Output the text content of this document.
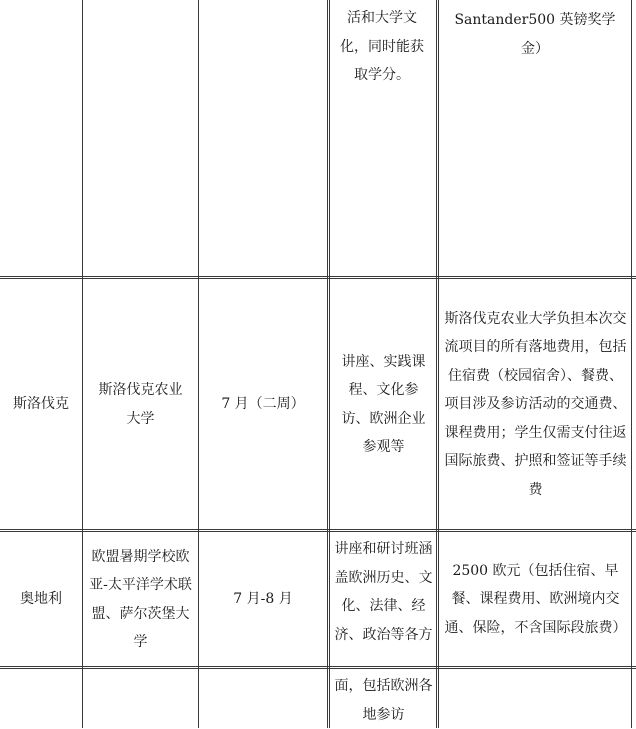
活和大学文化，同时能获取学分。
Santander500 英镑奖学金）
斯洛伐克
斯洛伐克农业大学
7 月（二周）
讲座、实践课程、文化参访、欧洲企业参观等
斯洛伐克农业大学负担本次交流项目的所有落地费用，包括住宿费（校园宿舍）、餐费、项目涉及参访活动的交通费、课程费用；学生仅需支付往返国际旅费、护照和签证等手续费
奥地利
欧盟暑期学校欧亚-太平洋学术联盟、萨尔茨堡大学
7 月-8 月
讲座和研讨班涵盖欧洲历史、文化、法律、经济、政治等各方
2500 欧元（包括住宿、早餐、课程费用、欧洲境内交通、保险，不含国际段旅费）
面，包括欧洲各地参访
